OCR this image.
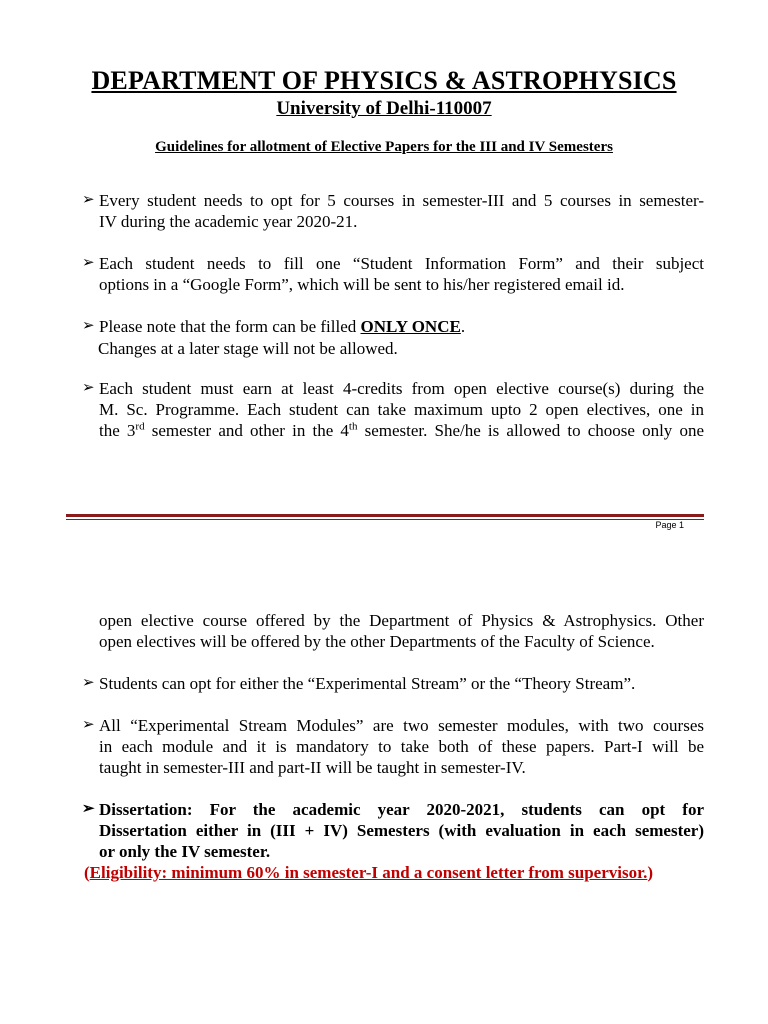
DEPARTMENT OF PHYSICS & ASTROPHYSICS
University of Delhi-110007
Guidelines for allotment of Elective Papers for the III and IV Semesters
➢ Every student needs to opt for 5 courses in semester-III and 5 courses in semester-
IV during the academic year 2020-21.
➢ Each student needs to fill one “Student Information Form” and their subject
options in a “Google Form”, which will be sent to his/her registered email id.
➢ Please note that the form can be filled ONLY ONCE.
Changes at a later stage will not be allowed.
➢ Each student must earn at least 4-credits from open elective course(s) during the
M. Sc. Programme. Each student can take maximum upto 2 open electives, one in
the 3rd semester and other in the 4th semester. She/he is allowed to choose only one
Page 1
open elective course offered by the Department of Physics & Astrophysics. Other
open electives will be offered by the other Departments of the Faculty of Science.
➢ Students can opt for either the “Experimental Stream” or the “Theory Stream”.
➢ All “Experimental Stream Modules” are two semester modules, with two courses
in each module and it is mandatory to take both of these papers. Part-I will be
taught in semester-III and part-II will be taught in semester-IV.
➢ Dissertation: For the academic year 2020-2021, students can opt for
Dissertation either in (III + IV) Semesters (with evaluation in each semester)
or only the IV semester.
(Eligibility: minimum 60% in semester-I and a consent letter from supervisor.)
